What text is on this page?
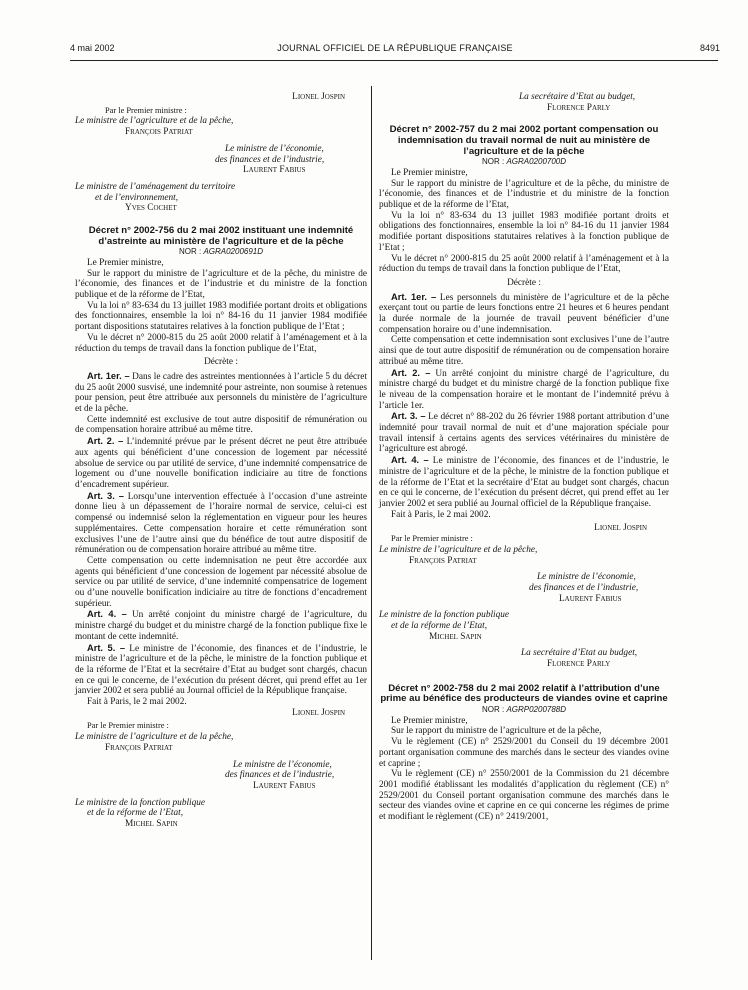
4 mai 2002	JOURNAL OFFICIEL DE LA RÉPUBLIQUE FRANÇAISE	8491

Lionel Jospin

Par le Premier ministre :

Le ministre de l’agriculture et de la pêche,

François Patriat

Le ministre de l’économie,

des finances et de l’industrie,

Laurent Fabius

Le ministre de l’aménagement du territoire

et de l’environnement,

Yves Cochet

Décret n° 2002-756 du 2 mai 2002 instituant une indemnité d’astreinte au ministère de l’agriculture et de la pêche

NOR : AGRA0200691D

Le Premier ministre,

Sur le rapport du ministre de l’agriculture et de la pêche, du ministre de l’économie, des finances et de l’industrie et du ministre de la fonction publique et de la réforme de l’Etat,

Vu la loi n° 83-634 du 13 juillet 1983 modifiée portant droits et obligations des fonctionnaires, ensemble la loi n° 84-16 du 11 janvier 1984 modifiée portant dispositions statutaires relatives à la fonction publique de l’Etat ;

Vu le décret n° 2000-815 du 25 août 2000 relatif à l’aménagement et à la réduction du temps de travail dans la fonction publique de l’Etat,

Décrète :

Art. 1er. – Dans le cadre des astreintes mentionnées à l’article 5 du décret du 25 août 2000 susvisé, une indemnité pour astreinte, non soumise à retenues pour pension, peut être attribuée aux personnels du ministère de l’agriculture et de la pêche.

Cette indemnité est exclusive de tout autre dispositif de rémunération ou de compensation horaire attribué au même titre.

Art. 2. – L’indemnité prévue par le présent décret ne peut être attribuée aux agents qui bénéficient d’une concession de logement par nécessité absolue de service ou par utilité de service, d’une indemnité compensatrice de logement ou d’une nouvelle bonification indiciaire au titre de fonctions d’encadrement supérieur.

Art. 3. – Lorsqu’une intervention effectuée à l’occasion d’une astreinte donne lieu à un dépassement de l’horaire normal de service, celui-ci est compensé ou indemnisé selon la réglementation en vigueur pour les heures supplémentaires. Cette compensation horaire et cette rémunération sont exclusives l’une de l’autre ainsi que du bénéfice de tout autre dispositif de rémunération ou de compensation horaire attribué au même titre.

Cette compensation ou cette indemnisation ne peut être accordée aux agents qui bénéficient d’une concession de logement par nécessité absolue de service ou par utilité de service, d’une indemnité compensatrice de logement ou d’une nouvelle bonification indiciaire au titre de fonctions d’encadrement supérieur.

Art. 4. – Un arrêté conjoint du ministre chargé de l’agriculture, du ministre chargé du budget et du ministre chargé de la fonction publique fixe le montant de cette indemnité.

Art. 5. – Le ministre de l’économie, des finances et de l’industrie, le ministre de l’agriculture et de la pêche, le ministre de la fonction publique et de la réforme de l’Etat et la secrétaire d’Etat au budget sont chargés, chacun en ce qui le concerne, de l’exécution du présent décret, qui prend effet au 1er janvier 2002 et sera publié au Journal officiel de la République française.

Fait à Paris, le 2 mai 2002.

Lionel Jospin

Par le Premier ministre :

Le ministre de l’agriculture et de la pêche,

François Patriat

Le ministre de l’économie,

des finances et de l’industrie,

Laurent Fabius

Le ministre de la fonction publique

et de la réforme de l’Etat,

Michel Sapin

La secrétaire d’Etat au budget,

Florence Parly

Décret n° 2002-757 du 2 mai 2002 portant compensation ou indemnisation du travail normal de nuit au ministère de l’agriculture et de la pêche

NOR : AGRA0200700D

Le Premier ministre,

Sur le rapport du ministre de l’agriculture et de la pêche, du ministre de l’économie, des finances et de l’industrie et du ministre de la fonction publique et de la réforme de l’Etat,

Vu la loi n° 83-634 du 13 juillet 1983 modifiée portant droits et obligations des fonctionnaires, ensemble la loi n° 84-16 du 11 janvier 1984 modifiée portant dispositions statutaires relatives à la fonction publique de l’Etat ;

Vu le décret n° 2000-815 du 25 août 2000 relatif à l’aménagement et à la réduction du temps de travail dans la fonction publique de l’Etat,

Décrète :

Art. 1er. – Les personnels du ministère de l’agriculture et de la pêche exerçant tout ou partie de leurs fonctions entre 21 heures et 6 heures pendant la durée normale de la journée de travail peuvent bénéficier d’une compensation horaire ou d’une indemnisation.

Cette compensation et cette indemnisation sont exclusives l’une de l’autre ainsi que de tout autre dispositif de rémunération ou de compensation horaire attribué au même titre.

Art. 2. – Un arrêté conjoint du ministre chargé de l’agriculture, du ministre chargé du budget et du ministre chargé de la fonction publique fixe le niveau de la compensation horaire et le montant de l’indemnité prévu à l’article 1er.

Art. 3. – Le décret n° 88-202 du 26 février 1988 portant attribution d’une indemnité pour travail normal de nuit et d’une majoration spéciale pour travail intensif à certains agents des services vétérinaires du ministère de l’agriculture est abrogé.

Art. 4. – Le ministre de l’économie, des finances et de l’industrie, le ministre de l’agriculture et de la pêche, le ministre de la fonction publique et de la réforme de l’Etat et la secrétaire d’Etat au budget sont chargés, chacun en ce qui le concerne, de l’exécution du présent décret, qui prend effet au 1er janvier 2002 et sera publié au Journal officiel de la République française.

Fait à Paris, le 2 mai 2002.

Lionel Jospin

Par le Premier ministre :

Le ministre de l’agriculture et de la pêche,

François Patriat

Le ministre de l’économie,

des finances et de l’industrie,

Laurent Fabius

Le ministre de la fonction publique

et de la réforme de l’Etat,

Michel Sapin

La secrétaire d’Etat au budget,

Florence Parly

Décret n° 2002-758 du 2 mai 2002 relatif à l’attribution d’une prime au bénéfice des producteurs de viandes ovine et caprine

NOR : AGRP0200788D

Le Premier ministre,

Sur le rapport du ministre de l’agriculture et de la pêche,

Vu le règlement (CE) n° 2529/2001 du Conseil du 19 décembre 2001 portant organisation commune des marchés dans le secteur des viandes ovine et caprine ;

Vu le règlement (CE) n° 2550/2001 de la Commission du 21 décembre 2001 modifié établissant les modalités d’application du règlement (CE) n° 2529/2001 du Conseil portant organisation commune des marchés dans le secteur des viandes ovine et caprine en ce qui concerne les régimes de prime et modifiant le règlement (CE) n° 2419/2001,
